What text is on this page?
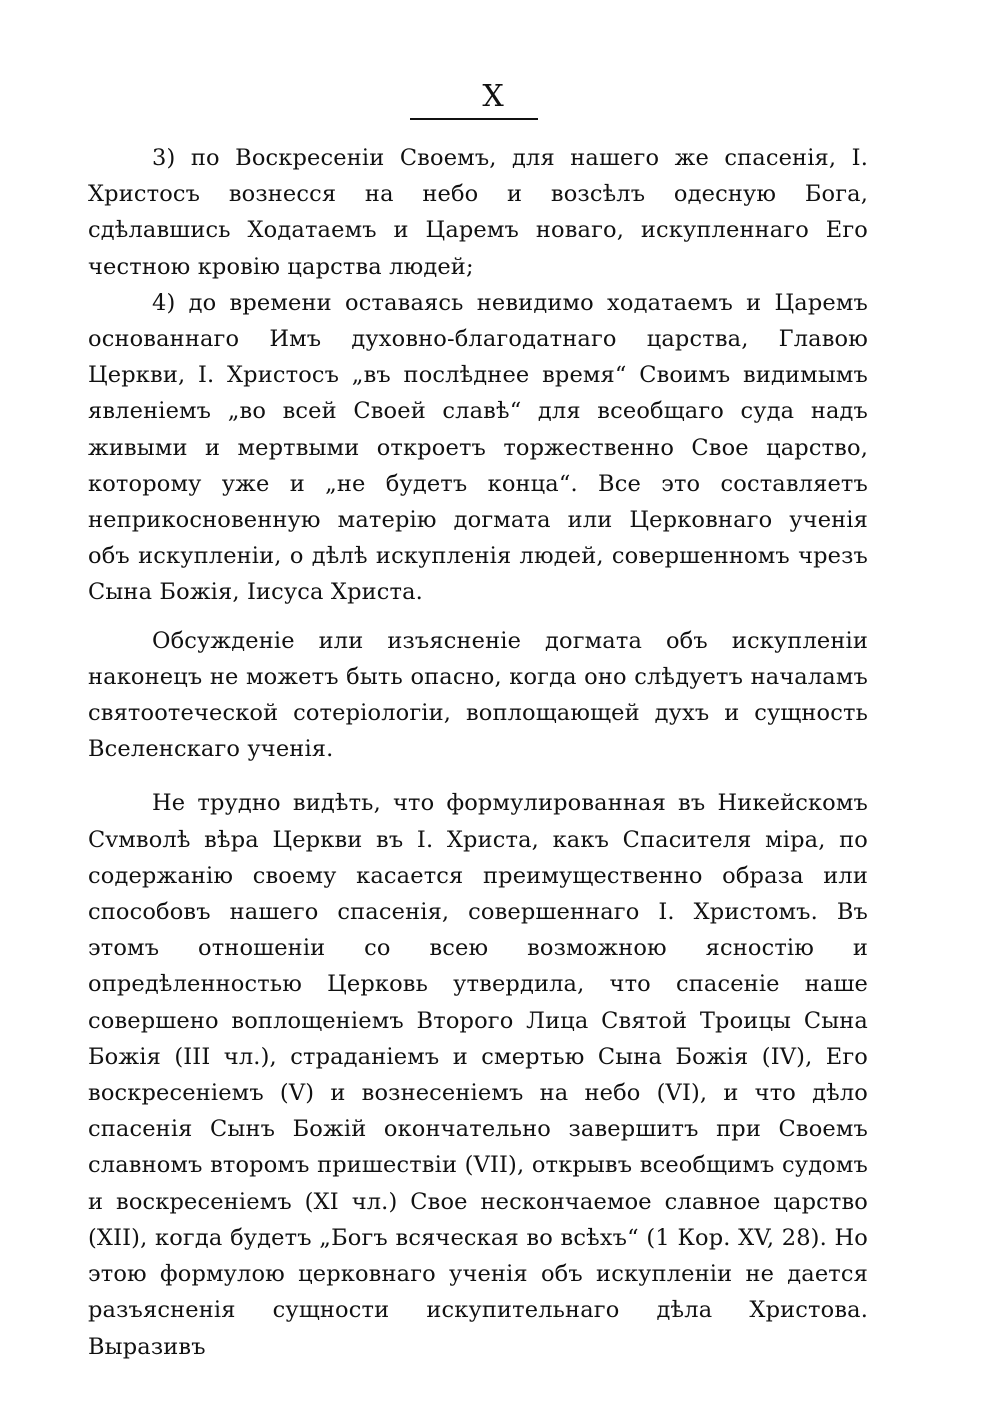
X

3) по Воскресеніи Своемъ, для нашего же спасенія, І. Христосъ вознесся на небо и возсѣлъ одесную Бога, сдѣлавшись Ходатаемъ и Царемъ новаго, искупленнаго Его честною кровію царства людей;

4) до времени оставаясь невидимо ходатаемъ и Царемъ основаннаго Имъ духовно-благодатнаго царства, Главою Церкви, І. Христосъ „въ послѣднее время“ Своимъ видимымъ явленіемъ „во всей Своей славѣ“ для всеобщаго суда надъ живыми и мертвыми откроетъ торжественно Свое царство, которому уже и „не будетъ конца“. Все это составляетъ неприкосновенную матерію догмата или Церковнаго ученія объ искупленіи, о дѣлѣ искупленія людей, совершенномъ чрезъ Сына Божія, Іисуса Христа.

Обсужденіе или изъясненіе догмата объ искупленіи наконецъ не можетъ быть опасно, когда оно слѣдуетъ началамъ святоотеческой сотеріологіи, воплощающей духъ и сущность Вселенскаго ученія.

Не трудно видѣть, что формулированная въ Никейскомъ Сvмволѣ вѣра Церкви въ І. Христа, какъ Спасителя міра, по содержанію своему касается преимущественно образа или способовъ нашего спасенія, совершеннаго І. Христомъ. Въ этомъ отношеніи со всею возможною ясностію и опредѣленностью Церковь утвердила, что спасеніе наше совершено воплощеніемъ Второго Лица Святой Троицы Сына Божія (III чл.), страданіемъ и смертью Сына Божія (IV), Его воскресеніемъ (V) и вознесеніемъ на небо (VI), и что дѣло спасенія Сынъ Божій окончательно завершитъ при Своемъ славномъ второмъ пришествіи (VII), открывъ всеобщимъ судомъ и воскресеніемъ (XI чл.) Свое нескончаемое славное царство (XII), когда будетъ „Богъ всяческая во всѣхъ“ (1 Кор. XV, 28). Но этою формулою церковнаго ученія объ искупленіи не дается разъясненія сущности искупительнаго дѣла Христова. Выразивъ
